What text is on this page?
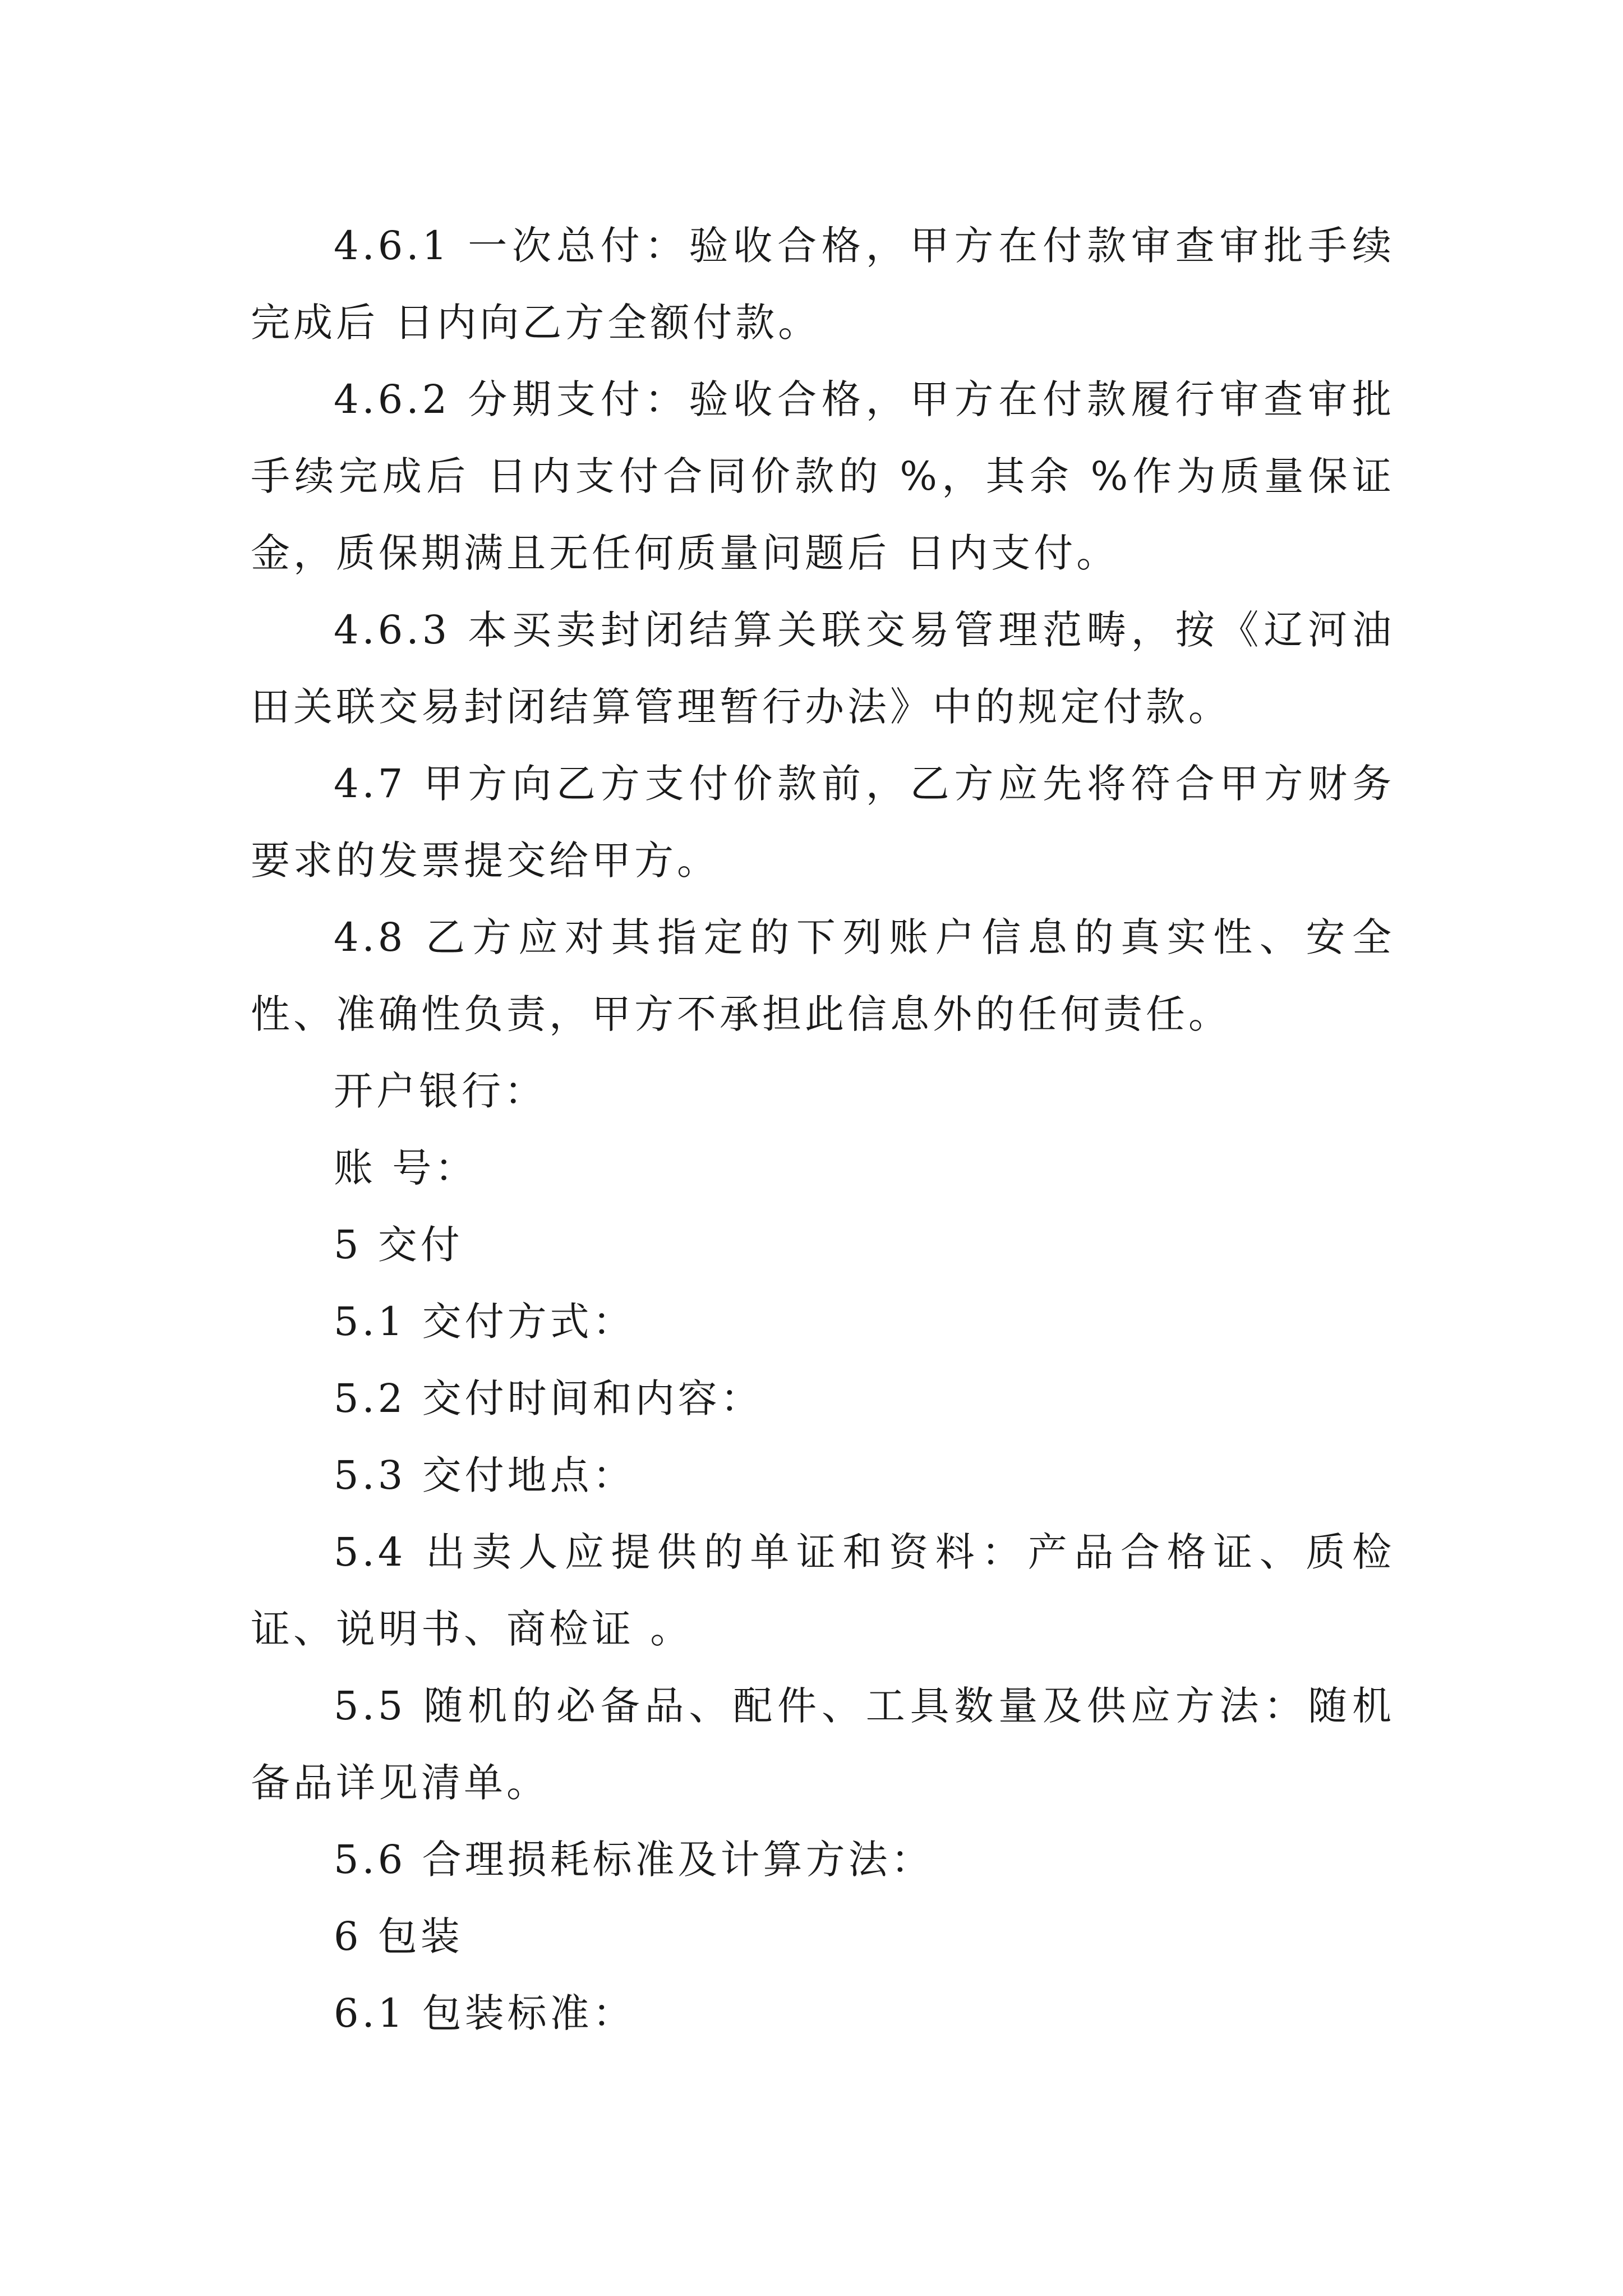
4.6.1 一次总付：验收合格，甲方在付款审查审批手续完成后 日内向乙方全额付款。

4.6.2 分期支付：验收合格，甲方在付款履行审查审批手续完成后 日内支付合同价款的 %，其余 %作为质量保证金，质保期满且无任何质量问题后 日内支付。

4.6.3 本买卖封闭结算关联交易管理范畴，按《辽河油田关联交易封闭结算管理暂行办法》中的规定付款。

4.7 甲方向乙方支付价款前，乙方应先将符合甲方财务要求的发票提交给甲方。

4.8 乙方应对其指定的下列账户信息的真实性、安全性、准确性负责，甲方不承担此信息外的任何责任。

开户银行：

账 号：

5 交付

5.1 交付方式：

5.2 交付时间和内容：

5.3 交付地点：

5.4 出卖人应提供的单证和资料：产品合格证、质检证、说明书、商检证 。

5.5 随机的必备品、配件、工具数量及供应方法：随机备品详见清单。

5.6 合理损耗标准及计算方法：

6 包装

6.1 包装标准：
